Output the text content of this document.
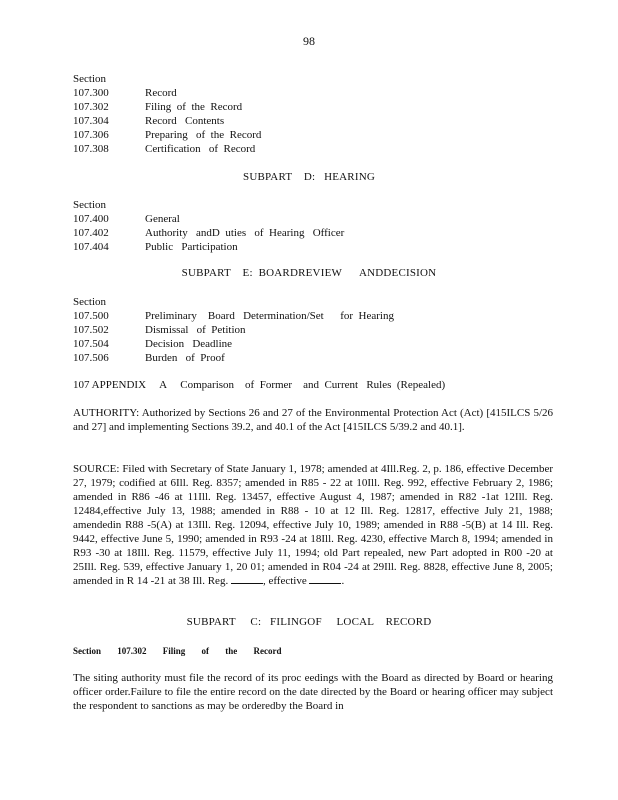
98
Section
107.300	Record
107.302	Filing  of  the  Record
107.304	Record   Contents
107.306	Preparing   of  the  Record
107.308	Certification   of  Record
SUBPART    D:   HEARING
Section
107.400	General
107.402	Authority   andD  uties   of  Hearing   Officer
107.404	Public   Participation
SUBPART    E:  BOARDREVIEW      ANDDECISION
Section
107.500	Preliminary    Board   Determination/Set      for  Hearing
107.502	Dismissal   of  Petition
107.504	Decision   Deadline
107.506	Burden   of  Proof
107 APPENDIX     A     Comparison    of  Former    and  Current   Rules  (Repealed)
AUTHORITY: Authorized by Sections 26 and 27 of the Environmental Protection Act (Act) [415ILCS 5/26 and 27] and implementing Sections 39.2, and 40.1 of the Act [415ILCS 5/39.2 and 40.1].
SOURCE: Filed with Secretary of State January 1, 1978; amended at 4Ill.Reg. 2, p. 186, effective December 27, 1979; codified at 6Ill. Reg. 8357; amended in R85 - 22 at 10Ill. Reg. 992, effective February 2, 1986; amended in R86 -46 at 11Ill. Reg. 13457, effective August 4, 1987; amended in R82 -1at 12Ill. Reg. 12484,effective July 13, 1988; amended in R88 - 10 at 12 Ill. Reg. 12817, effective July 21, 1988; amendedin R88 -5(A) at 13Ill. Reg. 12094, effective July 10, 1989; amended in R88 -5(B) at 14 Ill. Reg. 9442, effective June 5, 1990; amended in R93 -24 at 18Ill. Reg. 4230, effective March 8, 1994; amended in R93 -30 at 18Ill. Reg. 11579, effective July 11, 1994; old Part repealed, new Part adopted in R00 -20 at 25Ill. Reg. 539, effective January 1, 20 01; amended in R04 -24 at 29Ill. Reg. 8828, effective June 8, 2005; amended in R 14 -21 at 38 Ill. Reg.	, effective	.
SUBPART     C:   FILINGOF     LOCAL    RECORD
Section 107.302 Filing of the Record
The siting authority must file the record of its proc eedings with the Board as directed by Board or hearing officer order.Failure to file the entire record on the date directed by the Board or hearing officer may subject the respondent to sanctions as may be orderedby the Board in
